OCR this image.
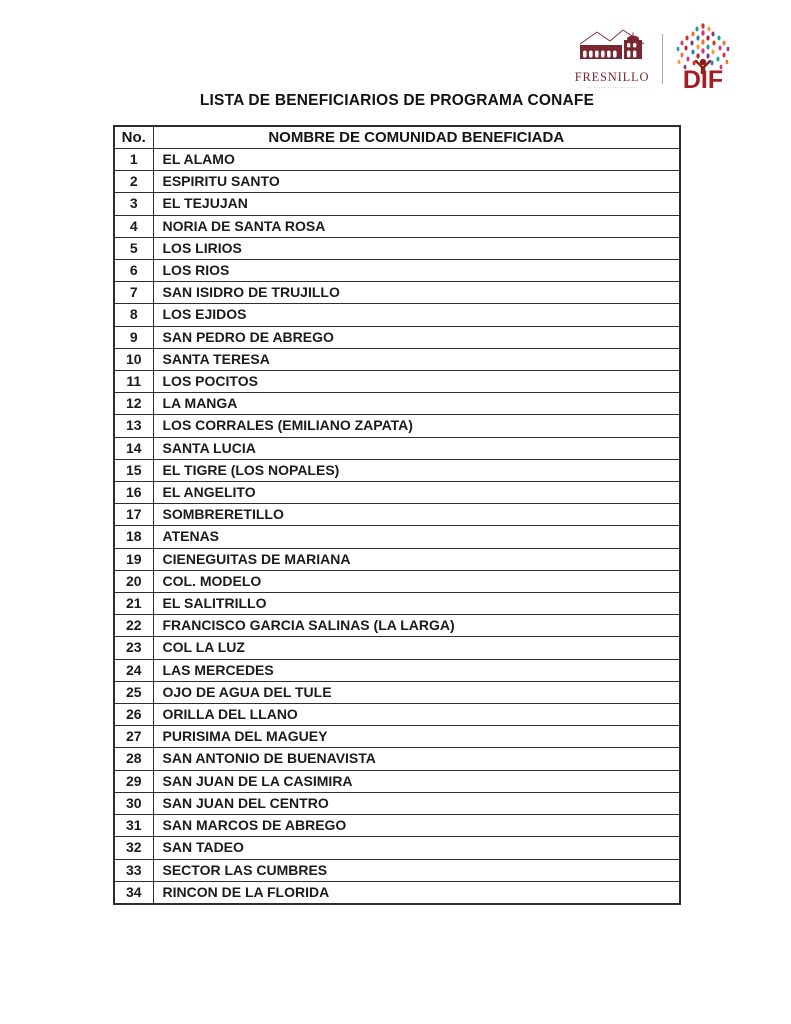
FRESNILLO
··· ······· ······ ·· ······· DIF
LISTA DE BENEFICIARIOS DE PROGRAMA CONAFE
No.	NOMBRE DE COMUNIDAD BENEFICIADA
1	EL ALAMO
2	ESPIRITU SANTO
3	EL TEJUJAN
4	NORIA DE SANTA ROSA
5	LOS LIRIOS
6	LOS RIOS
7	SAN ISIDRO DE TRUJILLO
8	LOS EJIDOS
9	SAN PEDRO DE ABREGO
10	SANTA TERESA
11	LOS POCITOS
12	LA MANGA
13	LOS CORRALES (EMILIANO ZAPATA)
14	SANTA LUCIA
15	EL TIGRE (LOS NOPALES)
16	EL ANGELITO
17	SOMBRERETILLO
18	ATENAS
19	CIENEGUITAS DE MARIANA
20	COL. MODELO
21	EL SALITRILLO
22	FRANCISCO GARCIA SALINAS (LA LARGA)
23	COL LA LUZ
24	LAS MERCEDES
25	OJO DE AGUA DEL TULE
26	ORILLA DEL LLANO
27	PURISIMA DEL MAGUEY
28	SAN ANTONIO DE BUENAVISTA
29	SAN JUAN DE LA CASIMIRA
30	SAN JUAN DEL CENTRO
31	SAN MARCOS DE ABREGO
32	SAN TADEO
33	SECTOR LAS CUMBRES
34	RINCON DE LA FLORIDA
